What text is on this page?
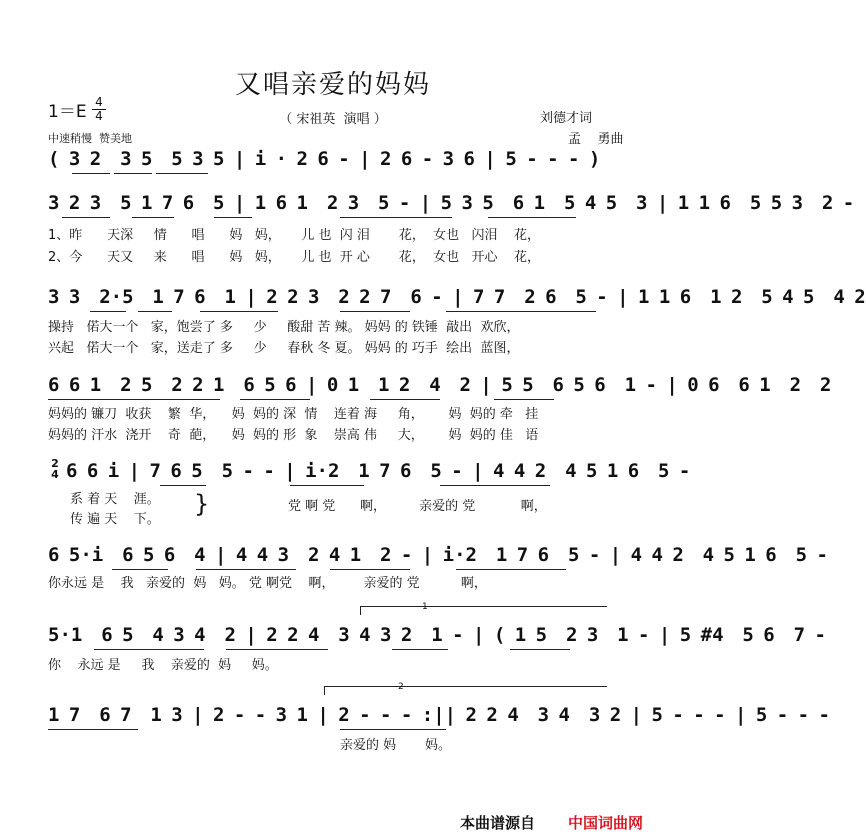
又唱亲爱的妈妈
$1=E \frac{4}{4}$	（ 宋祖英  演唱 ）	刘德才词
孟    勇曲
中速稍慢  赞美地
( 3 2  3 5  5 3 5 | i · 2 6 - | 2 6 - 3 6 | 5 - - - )
3 2 3  5 1 7 6  5 | 1 6 1  2 3  5 - | 5 3 5  6 1  5 4 5  3 | 1 1 6  5 5 3  2 -
1、昨      天深     情      唱      妈   妈，     儿 也  闪 泪       花，  女也   闪泪    花，
2、今      天又     来      唱      妈   妈，     儿 也  开 心       花，  女也   开心    花，
3 3  2·5  1 7 6  1 | 2 2 3  2 2 7  6 - | 7 7  2 6  5 - | 1 1 6  1 2  5 4 5  4 2
操持   偌大一个   家，饱尝了 多     少     酸甜 苦 辣。 妈妈 的 铁锤  敲出  欢欣，
兴起   偌大一个   家，送走了 多     少     春秋 冬 夏。 妈妈 的 巧手  绘出  蓝图，
6 6 1  2 5  2 2 1  6 5 6 | 0 1  1 2  4  2 | 5 5  6 5 6  1 - | 0 6  6 1  2  2
妈妈的 镰刀  收获    繁  华，    妈  妈的 深  情    连着 海     角，      妈  妈的 牵   挂
妈妈的 汗水  浇开    奇  葩，    妈  妈的 形  象    崇高 伟     大，      妈  妈的 佳   语
2
4 6 6 i | 7 6 5  5 - - | i·2  1 7 6  5 - | 4 4 2  4 5 1 6  5 -
系 着 天    涯。
传 遍 天    下。
党 啊 党      啊，        亲爱的 党           啊，
}
6 5·i  6 5 6  4 | 4 4 3  2 4 1  2 - | i·2  1 7 6  5 - | 4 4 2  4 5 1 6  5 -
你永远 是    我   亲爱的  妈   妈。 党 啊党    啊，       亲爱的 党          啊，
1
5·1  6 5  4 3 4  2 | 2 2 4  3 4 3 2  1 - | ( 1 5  2 3  1 - | 5 #4  5 6  7 -
你    永远 是     我    亲爱的  妈     妈。
2
1 7  6 7  1 3 | 2 - - 3 1 | 2 - - - :|| 2 2 4  3 4  3 2 | 5 - - - | 5 - - -
亲爱的 妈       妈。
本曲谱源自 中国词曲网
